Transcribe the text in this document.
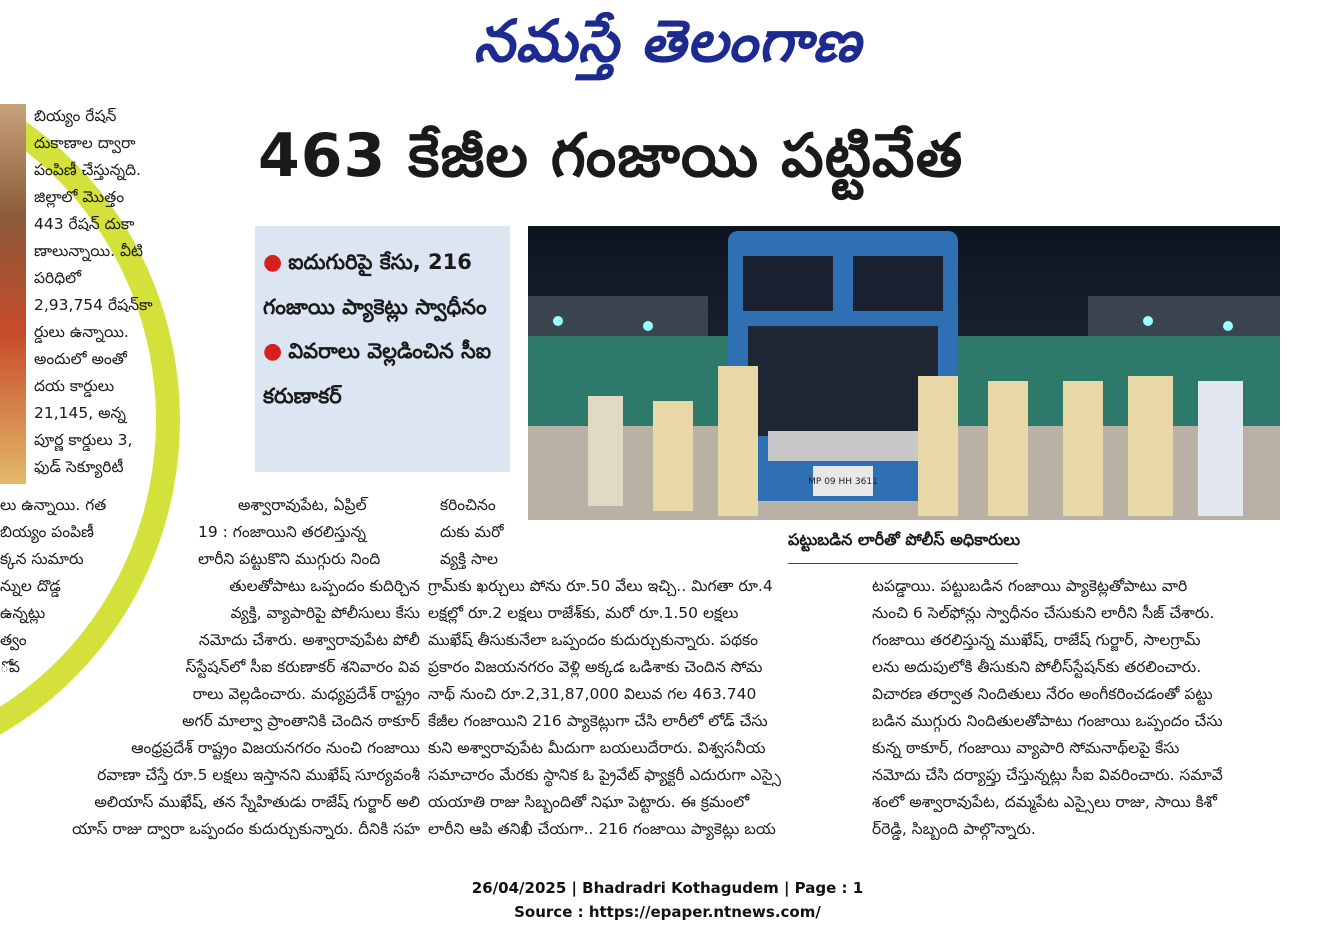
నమస్తే తెలంగాణ

బియ్యం రేషన్

దుకాణాల ద్వారా

పంపిణీ చేస్తున్నది.

జిల్లాలో మొత్తం

443 రేషన్ దుకా

ణాలున్నాయి. వీటి

పరిధిలో

2,93,754 రేషన్‌కా

ర్డులు ఉన్నాయి.

అందులో అంతో

దయ కార్డులు

21,145, అన్న

పూర్ణ కార్డులు 3,

ఫుడ్ సెక్యూరిటీ

లు ఉన్నాయి. గత

బియ్యం పంపిణీ

క్కన సుమారు

న్నుల దొడ్డ

ఉన్నట్లు

త్వం

ోవ

463 కేజీల గంజాయి పట్టివేత
● ఐదుగురిపై కేసు, 216 గంజాయి ప్యాకెట్లు స్వాధీనం
● వివరాలు వెల్లడించిన సీఐ కరుణాకర్
MP 09 HH 3611
పట్టుబడిన లారీతో పోలీస్ అధికారులు

అశ్వారావుపేట, ఏప్రిల్

19 : గంజాయిని తరలిస్తున్న

లారీని పట్టుకొని ముగ్గురు నింది

కరించినం

దుకు మరో

వ్యక్తి సాల

తులతోపాటు ఒప్పందం కుదిర్చిన

వ్యక్తి, వ్యాపారిపై పోలీసులు కేసు

నమోదు చేశారు. అశ్వారావుపేట పోలీ

స్‌స్టేషన్‌లో సీఐ కరుణాకర్ శనివారం వివ

రాలు వెల్లడించారు. మధ్యప్రదేశ్ రాష్ట్రం

అగర్ మాల్వా ప్రాంతానికి చెందిన ఠాకూర్

ఆంధ్రప్రదేశ్ రాష్ట్రం విజయనగరం నుంచి గంజాయి

రవాణా చేస్తే రూ.5 లక్షలు ఇస్తానని ముఖేష్ సూర్యవంశీ

అలియాస్ ముఖేష్, తన స్నేహితుడు రాజేష్ గుర్జార్ అలి

యాస్ రాజు ద్వారా ఒప్పందం కుదుర్చుకున్నారు. దీనికి సహ

గ్రామ్‌కు ఖర్చులు పోను రూ.50 వేలు ఇచ్చి.. మిగతా రూ.4

లక్షల్లో రూ.2 లక్షలు రాజేశ్‌కు, మరో రూ.1.50 లక్షలు

ముఖేష్ తీసుకునేలా ఒప్పందం కుదుర్చుకున్నారు. పథకం

ప్రకారం విజయనగరం వెళ్లి అక్కడ ఒడిశాకు చెందిన సోమ

నాథ్ నుంచి రూ.2,31,87,000 విలువ గల 463.740

కేజీల గంజాయిని 216 ప్యాకెట్లుగా చేసి లారీలో లోడ్ చేసు

కుని అశ్వారావుపేట మీదుగా బయలుదేరారు. విశ్వసనీయ

సమాచారం మేరకు స్థానిక ఓ ప్రైవేట్ ఫ్యాక్టరీ ఎదురుగా ఎస్సై

యయాతి రాజు సిబ్బందితో నిఘా పెట్టారు. ఈ క్రమంలో

లారీని ఆపి తనిఖీ చేయగా.. 216 గంజాయి ప్యాకెట్లు బయ

టపడ్డాయి. పట్టుబడిన గంజాయి ప్యాకెట్లతోపాటు వారి

నుంచి 6 సెల్‌ఫోన్లు స్వాధీనం చేసుకుని లారీని సీజ్ చేశారు.

గంజాయి తరలిస్తున్న ముఖేష్, రాజేష్ గుర్జార్, సాలగ్రామ్

లను అదుపులోకి తీసుకుని పోలీస్‌స్టేషన్‌కు తరలించారు.

విచారణ తర్వాత నిందితులు నేరం అంగీకరించడంతో పట్టు

బడిన ముగ్గురు నిందితులతోపాటు గంజాయి ఒప్పందం చేసు

కున్న ఠాకూర్, గంజాయి వ్యాపారి సోమనాథ్‌లపై కేసు

నమోదు చేసి దర్యాప్తు చేస్తున్నట్లు సీఐ వివరించారు. సమావే

శంలో అశ్వారావుపేట, దమ్మపేట ఎస్సైలు రాజు, సాయి కిశో

ర్‌రెడ్డి, సిబ్బంది పాల్గొన్నారు.

26/04/2025 | Bhadradri Kothagudem | Page : 1
Source : https://epaper.ntnews.com/
